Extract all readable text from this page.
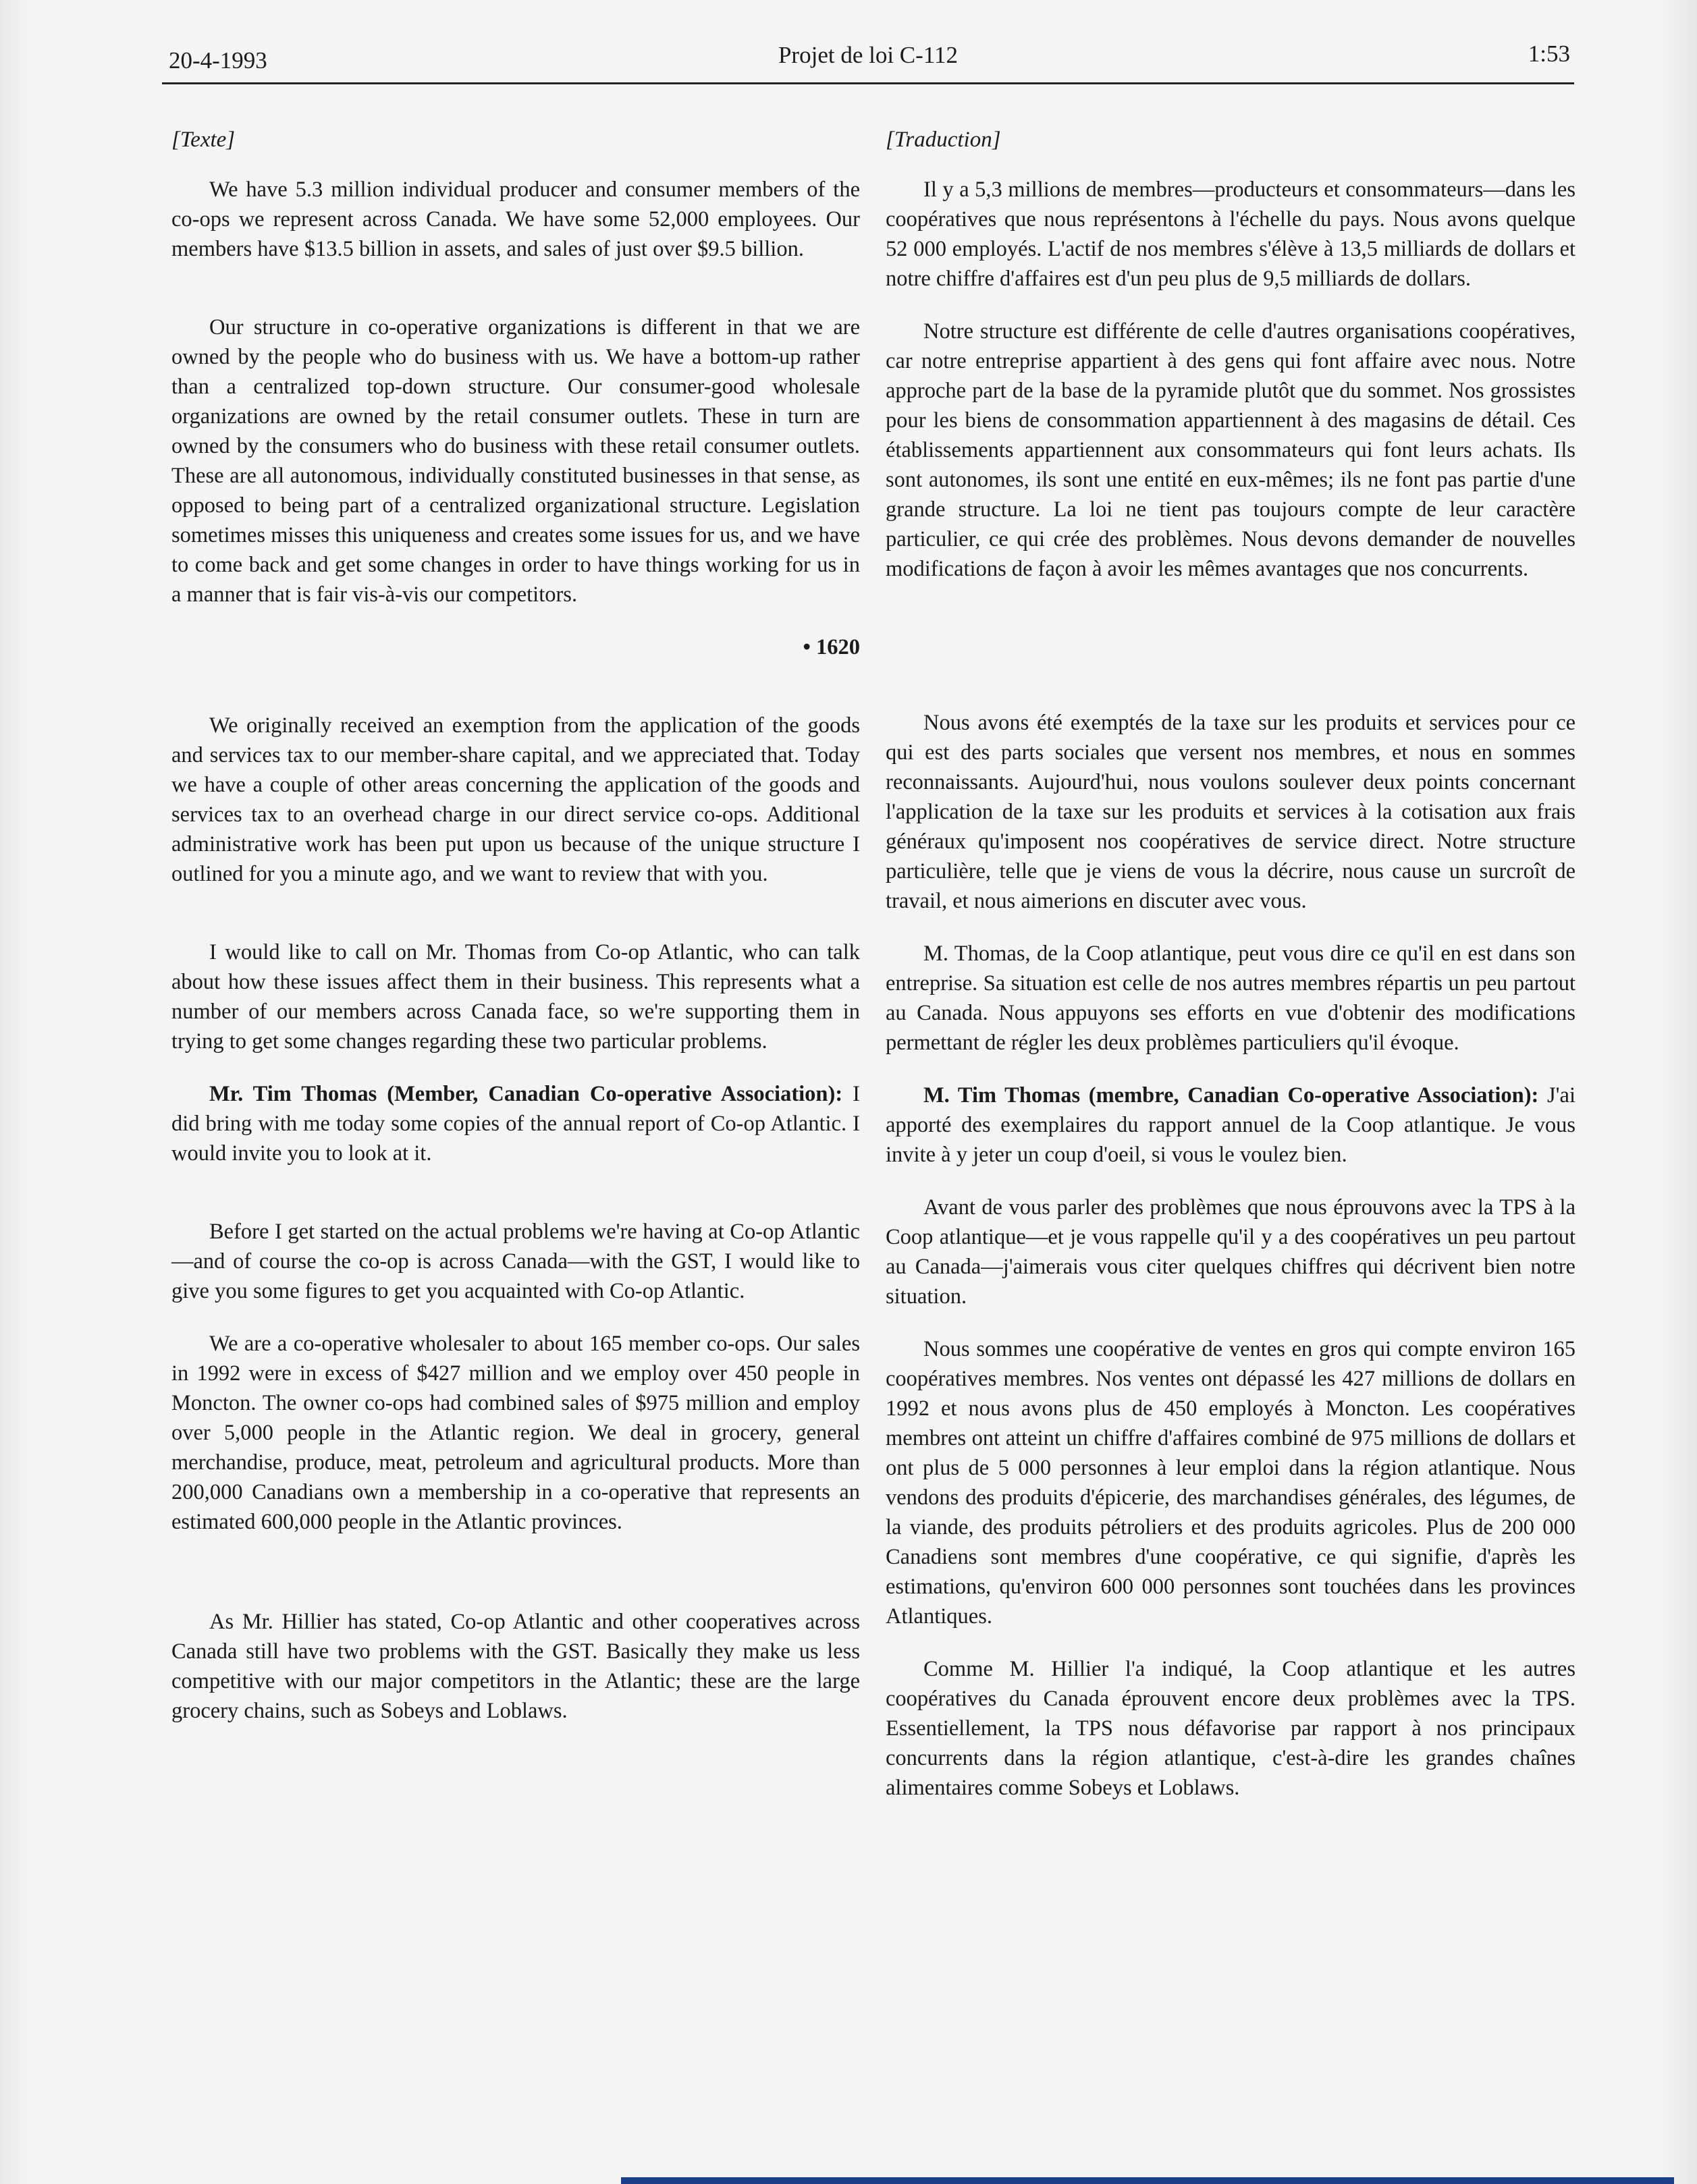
20-4-1993	Projet de loi C-112	1:53

[Texte]

We have 5.3 million individual producer and consumer members of the co-ops we represent across Canada. We have some 52,000 employees. Our members have $13.5 billion in assets, and sales of just over $9.5 billion.

Our structure in co-operative organizations is different in that we are owned by the people who do business with us. We have a bottom-up rather than a centralized top-down structure. Our consumer-good wholesale organizations are owned by the retail consumer outlets. These in turn are owned by the consumers who do business with these retail consumer outlets. These are all autonomous, individually constituted businesses in that sense, as opposed to being part of a centralized organizational structure. Legislation sometimes misses this uniqueness and creates some issues for us, and we have to come back and get some changes in order to have things working for us in a manner that is fair vis-à-vis our competitors.

• 1620

We originally received an exemption from the application of the goods and services tax to our member-share capital, and we appreciated that. Today we have a couple of other areas concerning the application of the goods and services tax to an overhead charge in our direct service co-ops. Additional administrative work has been put upon us because of the unique structure I outlined for you a minute ago, and we want to review that with you.

I would like to call on Mr. Thomas from Co-op Atlantic, who can talk about how these issues affect them in their business. This represents what a number of our members across Canada face, so we're supporting them in trying to get some changes regarding these two particular problems.

Mr. Tim Thomas (Member, Canadian Co-operative Association): I did bring with me today some copies of the annual report of Co-op Atlantic. I would invite you to look at it.

Before I get started on the actual problems we're having at Co-op Atlantic—and of course the co-op is across Canada—with the GST, I would like to give you some figures to get you acquainted with Co-op Atlantic.

We are a co-operative wholesaler to about 165 member co-ops. Our sales in 1992 were in excess of $427 million and we employ over 450 people in Moncton. The owner co-ops had combined sales of $975 million and employ over 5,000 people in the Atlantic region. We deal in grocery, general merchandise, produce, meat, petroleum and agricultural products. More than 200,000 Canadians own a membership in a co-operative that represents an estimated 600,000 people in the Atlantic provinces.

As Mr. Hillier has stated, Co-op Atlantic and other cooperatives across Canada still have two problems with the GST. Basically they make us less competitive with our major competitors in the Atlantic; these are the large grocery chains, such as Sobeys and Loblaws.

[Traduction]

Il y a 5,3 millions de membres—producteurs et consommateurs—dans les coopératives que nous représentons à l'échelle du pays. Nous avons quelque 52 000 employés. L'actif de nos membres s'élève à 13,5 milliards de dollars et notre chiffre d'affaires est d'un peu plus de 9,5 milliards de dollars.

Notre structure est différente de celle d'autres organisations coopératives, car notre entreprise appartient à des gens qui font affaire avec nous. Notre approche part de la base de la pyramide plutôt que du sommet. Nos grossistes pour les biens de consommation appartiennent à des magasins de détail. Ces établissements appartiennent aux consommateurs qui font leurs achats. Ils sont autonomes, ils sont une entité en eux-mêmes; ils ne font pas partie d'une grande structure. La loi ne tient pas toujours compte de leur caractère particulier, ce qui crée des problèmes. Nous devons demander de nouvelles modifications de façon à avoir les mêmes avantages que nos concurrents.

Nous avons été exemptés de la taxe sur les produits et services pour ce qui est des parts sociales que versent nos membres, et nous en sommes reconnaissants. Aujourd'hui, nous voulons soulever deux points concernant l'application de la taxe sur les produits et services à la cotisation aux frais généraux qu'imposent nos coopératives de service direct. Notre structure particulière, telle que je viens de vous la décrire, nous cause un surcroît de travail, et nous aimerions en discuter avec vous.

M. Thomas, de la Coop atlantique, peut vous dire ce qu'il en est dans son entreprise. Sa situation est celle de nos autres membres répartis un peu partout au Canada. Nous appuyons ses efforts en vue d'obtenir des modifications permettant de régler les deux problèmes particuliers qu'il évoque.

M. Tim Thomas (membre, Canadian Co-operative Association): J'ai apporté des exemplaires du rapport annuel de la Coop atlantique. Je vous invite à y jeter un coup d'oeil, si vous le voulez bien.

Avant de vous parler des problèmes que nous éprouvons avec la TPS à la Coop atlantique—et je vous rappelle qu'il y a des coopératives un peu partout au Canada—j'aimerais vous citer quelques chiffres qui décrivent bien notre situation.

Nous sommes une coopérative de ventes en gros qui compte environ 165 coopératives membres. Nos ventes ont dépassé les 427 millions de dollars en 1992 et nous avons plus de 450 employés à Moncton. Les coopératives membres ont atteint un chiffre d'affaires combiné de 975 millions de dollars et ont plus de 5 000 personnes à leur emploi dans la région atlantique. Nous vendons des produits d'épicerie, des marchandises générales, des légumes, de la viande, des produits pétroliers et des produits agricoles. Plus de 200 000 Canadiens sont membres d'une coopérative, ce qui signifie, d'après les estimations, qu'environ 600 000 personnes sont touchées dans les provinces Atlantiques.

Comme M. Hillier l'a indiqué, la Coop atlantique et les autres coopératives du Canada éprouvent encore deux problèmes avec la TPS. Essentiellement, la TPS nous défavorise par rapport à nos principaux concurrents dans la région atlantique, c'est-à-dire les grandes chaînes alimentaires comme Sobeys et Loblaws.
